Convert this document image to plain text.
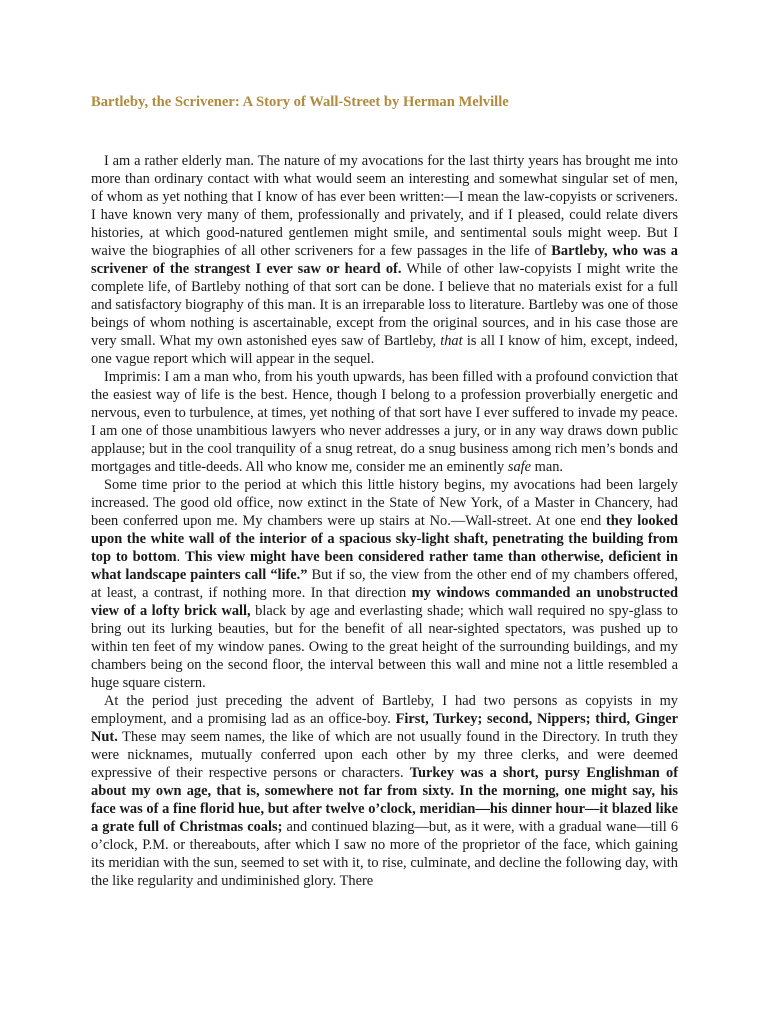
Bartleby, the Scrivener: A Story of Wall-Street by Herman Melville

I am a rather elderly man. The nature of my avocations for the last thirty years has brought me into more than ordinary contact with what would seem an interesting and somewhat singular set of men, of whom as yet nothing that I know of has ever been written:—I mean the law-copyists or scriveners. I have known very many of them, professionally and privately, and if I pleased, could relate divers histories, at which good-natured gentlemen might smile, and sentimental souls might weep. But I waive the biographies of all other scriveners for a few passages in the life of Bartleby, who was a scrivener of the strangest I ever saw or heard of. While of other law-copyists I might write the complete life, of Bartleby nothing of that sort can be done. I believe that no materials exist for a full and satisfactory biography of this man. It is an irreparable loss to literature. Bartleby was one of those beings of whom nothing is ascertainable, except from the original sources, and in his case those are very small. What my own astonished eyes saw of Bartleby, that is all I know of him, except, indeed, one vague report which will appear in the sequel.

Imprimis: I am a man who, from his youth upwards, has been filled with a profound conviction that the easiest way of life is the best. Hence, though I belong to a profession proverbially energetic and nervous, even to turbulence, at times, yet nothing of that sort have I ever suffered to invade my peace. I am one of those unambitious lawyers who never addresses a jury, or in any way draws down public applause; but in the cool tranquility of a snug retreat, do a snug business among rich men’s bonds and mortgages and title-deeds. All who know me, consider me an eminently safe man.

Some time prior to the period at which this little history begins, my avocations had been largely increased. The good old office, now extinct in the State of New York, of a Master in Chancery, had been conferred upon me. My chambers were up stairs at No.—Wall-street. At one end they looked upon the white wall of the interior of a spacious sky-light shaft, penetrating the building from top to bottom. This view might have been considered rather tame than otherwise, deficient in what landscape painters call “life.” But if so, the view from the other end of my chambers offered, at least, a contrast, if nothing more. In that direction my windows commanded an unobstructed view of a lofty brick wall, black by age and everlasting shade; which wall required no spy-glass to bring out its lurking beauties, but for the benefit of all near-sighted spectators, was pushed up to within ten feet of my window panes. Owing to the great height of the surrounding buildings, and my chambers being on the second floor, the interval between this wall and mine not a little resembled a huge square cistern.

At the period just preceding the advent of Bartleby, I had two persons as copyists in my employment, and a promising lad as an office-boy. First, Turkey; second, Nippers; third, Ginger Nut. These may seem names, the like of which are not usually found in the Directory. In truth they were nicknames, mutually conferred upon each other by my three clerks, and were deemed expressive of their respective persons or characters. Turkey was a short, pursy Englishman of about my own age, that is, somewhere not far from sixty. In the morning, one might say, his face was of a fine florid hue, but after twelve o’clock, meridian—his dinner hour—it blazed like a grate full of Christmas coals; and continued blazing—but, as it were, with a gradual wane—till 6 o’clock, P.M. or thereabouts, after which I saw no more of the proprietor of the face, which gaining its meridian with the sun, seemed to set with it, to rise, culminate, and decline the following day, with the like regularity and undiminished glory. There
